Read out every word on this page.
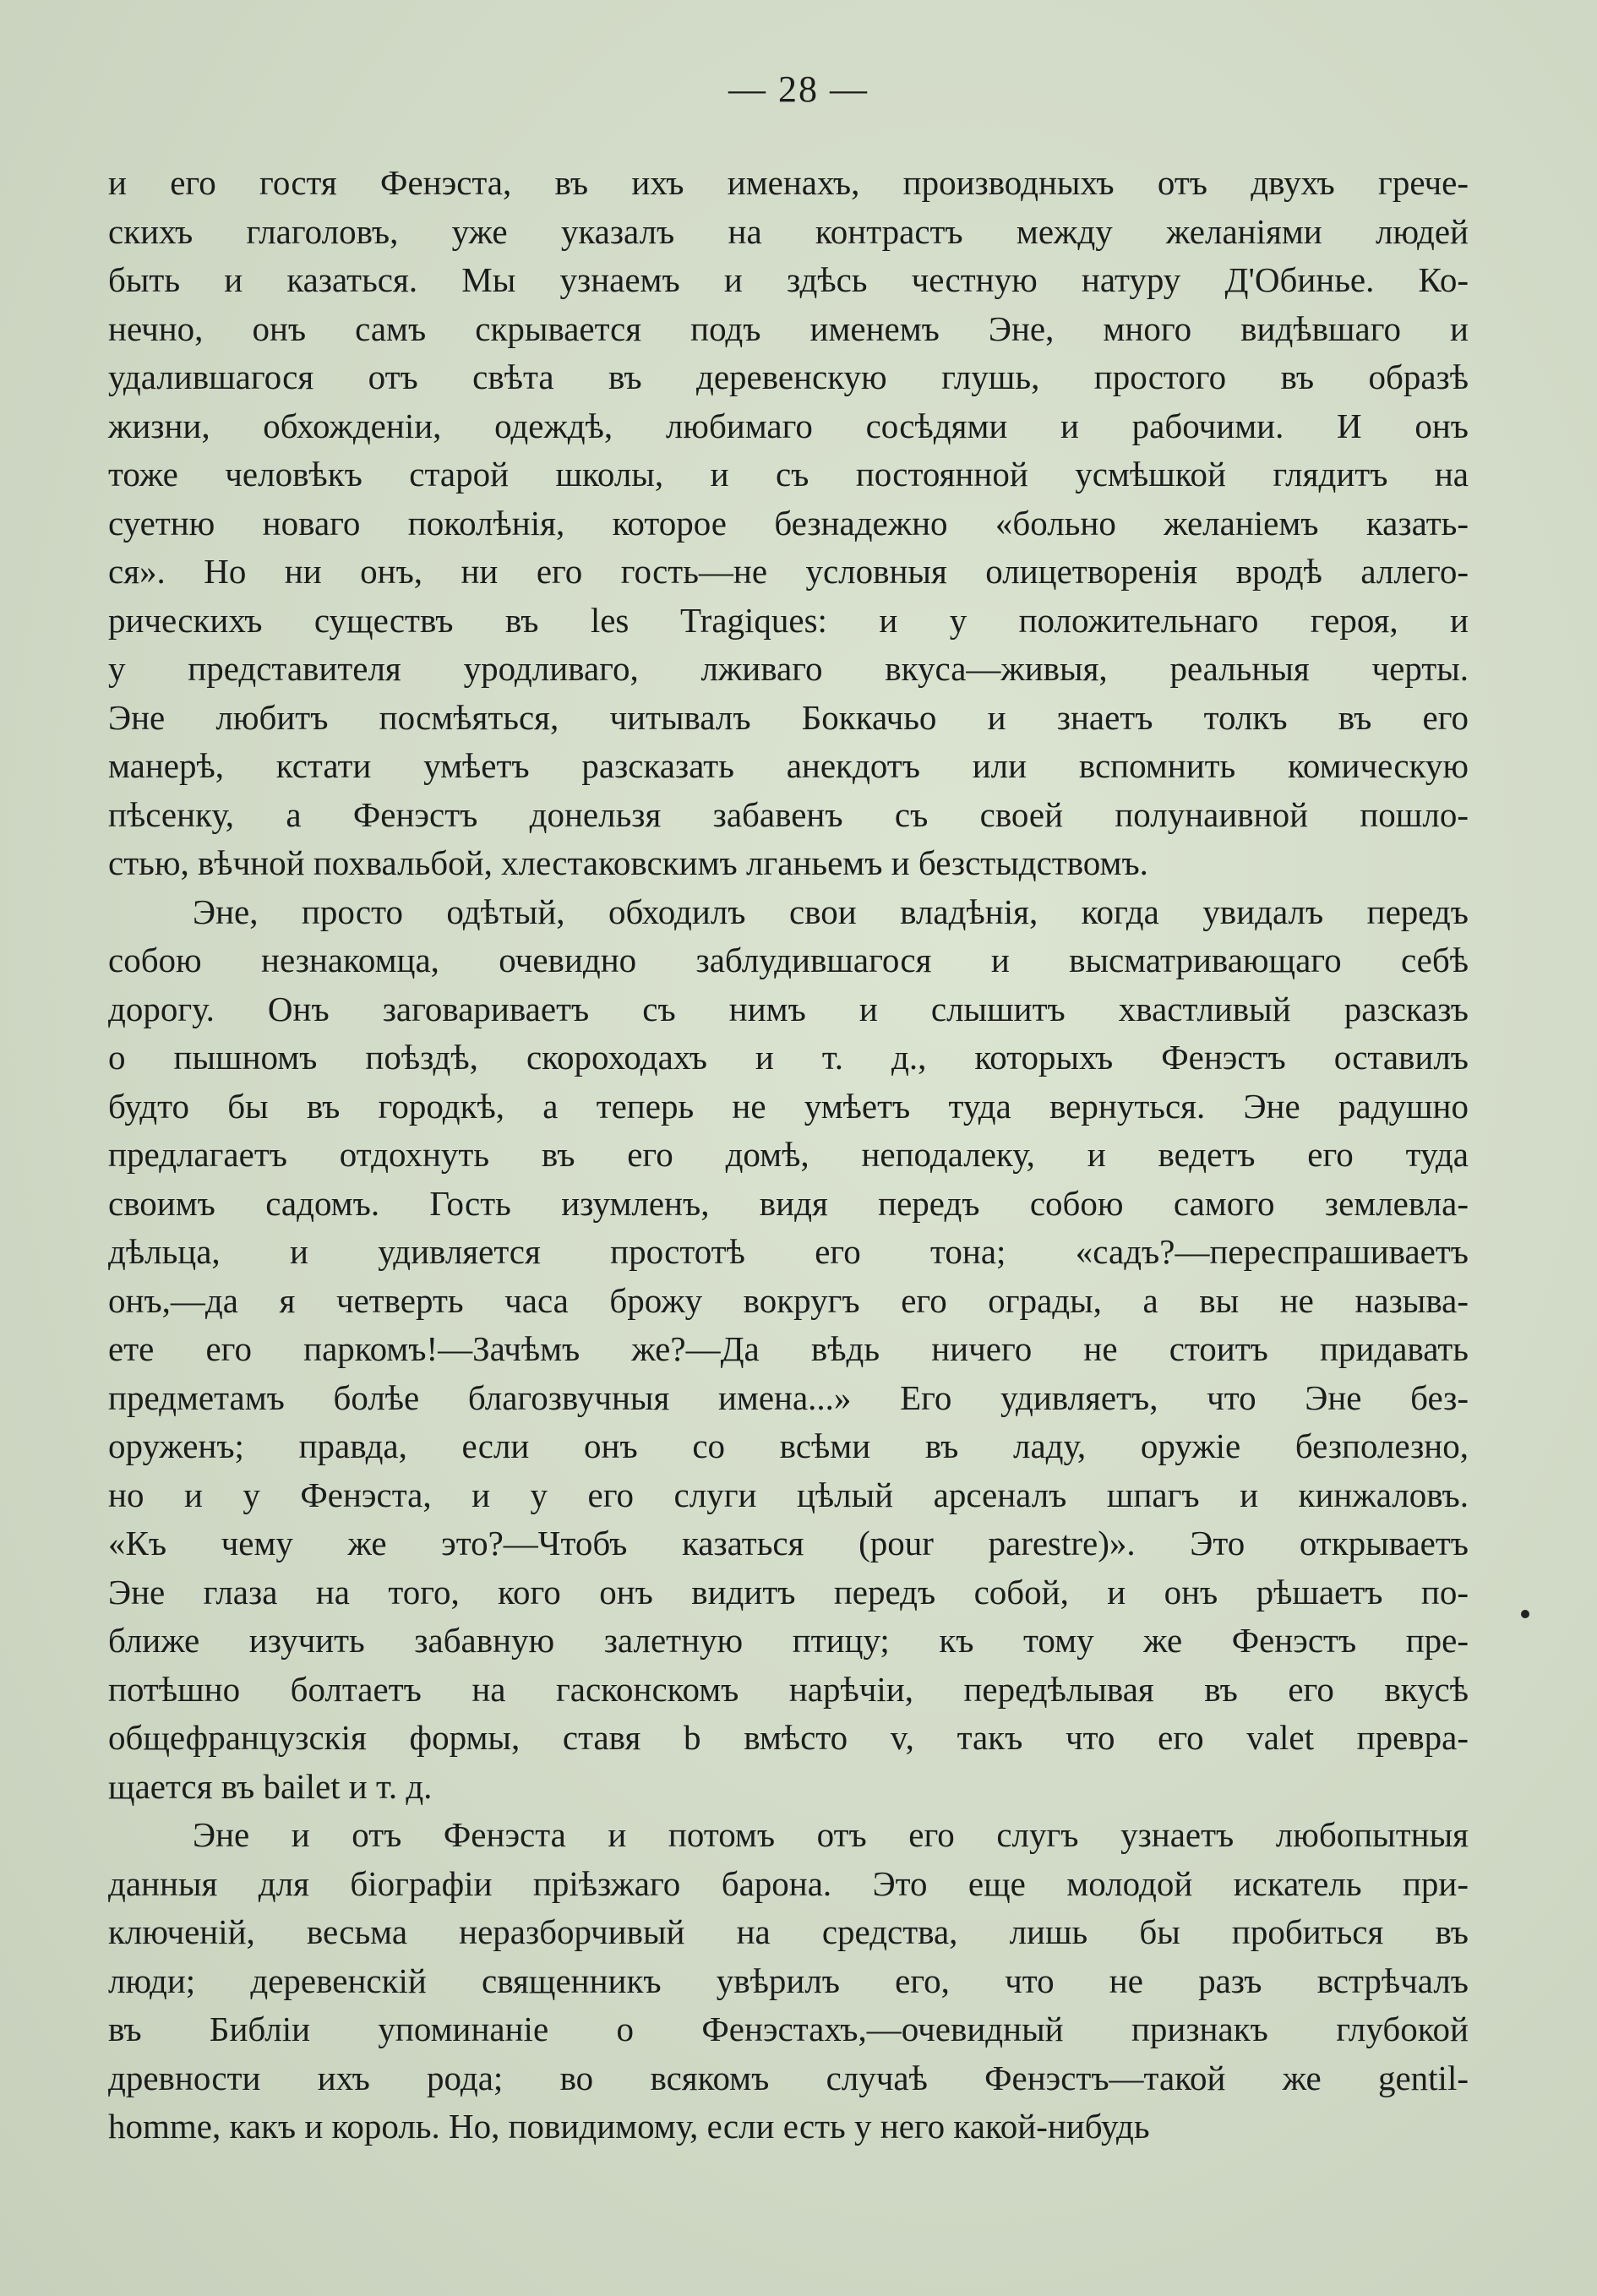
— 28 —
и его гостя Фенэста, въ ихъ именахъ, производныхъ отъ двухъ грече-
скихъ глаголовъ, уже указалъ на контрастъ между желанiями людей
быть и казаться. Мы узнаемъ и здѣсь честную натуру Д'Обинье. Ко-
нечно, онъ самъ скрывается подъ именемъ Эне, много видѣвшаго и
удалившагося отъ свѣта въ деревенскую глушь, простого въ образѣ
жизни, обхожденiи, одеждѣ, любимаго сосѣдями и рабочими. И онъ
тоже человѣкъ старой школы, и съ постоянной усмѣшкой глядитъ на
суетню новаго поколѣнiя, которое безнадежно «больно желанiемъ казать-
ся». Но ни онъ, ни его гость—не условныя олицетворенiя вродѣ аллего-
рическихъ существъ въ les Tragiques: и у положительнаго героя, и
у представителя уродливаго, лживаго вкуса—живыя, реальныя черты.
Эне любитъ посмѣяться, читывалъ Боккачьо и знаетъ толкъ въ его
манерѣ, кстати умѣетъ разсказать анекдотъ или вспомнить комическую
пѣсенку, а Фенэстъ донельзя забавенъ съ своей полунаивной пошло-
стью, вѣчной похвальбой, хлестаковскимъ лганьемъ и безстыдствомъ.
Эне, просто одѣтый, обходилъ свои владѣнiя, когда увидалъ передъ
собою незнакомца, очевидно заблудившагося и высматривающаго себѣ
дорогу. Онъ заговариваетъ съ нимъ и слышитъ хвастливый разсказъ
о пышномъ поѣздѣ, скороходахъ и т. д., которыхъ Фенэстъ оставилъ
будто бы въ городкѣ, а теперь не умѣетъ туда вернуться. Эне радушно
предлагаетъ отдохнуть въ его домѣ, неподалеку, и ведетъ его туда
своимъ садомъ. Гость изумленъ, видя передъ собою самого землевла-
дѣльца, и удивляется простотѣ его тона; «садъ?—переспрашиваетъ
онъ,—да я четверть часа брожу вокругъ его ограды, а вы не называ-
ете его паркомъ!—Зачѣмъ же?—Да вѣдь ничего не стоитъ придавать
предметамъ болѣе благозвучныя имена...» Его удивляетъ, что Эне без-
оруженъ; правда, если онъ со всѣми въ ладу, оружiе безполезно,
но и у Фенэста, и у его слуги цѣлый арсеналъ шпагъ и кинжаловъ.
«Къ чему же это?—Чтобъ казаться (pour parestre)». Это открываетъ
Эне глаза на того, кого онъ видитъ передъ собой, и онъ рѣшаетъ по-
ближе изучить забавную залетную птицу; къ тому же Фенэстъ пре-
потѣшно болтаетъ на гасконскомъ нарѣчiи, передѣлывая въ его вкусѣ
общефранцузскiя формы, ставя b вмѣсто v, такъ что его valet превра-
щается въ bailet и т. д.
Эне и отъ Фенэста и потомъ отъ его слугъ узнаетъ любопытныя
данныя для бiографiи прiѣзжаго барона. Это еще молодой искатель при-
ключенiй, весьма неразборчивый на средства, лишь бы пробиться въ
люди; деревенскiй священникъ увѣрилъ его, что не разъ встрѣчалъ
въ Библiи упоминанiе о Фенэстахъ,—очевидный признакъ глубокой
древности ихъ рода; во всякомъ случаѣ Фенэстъ—такой же gentil-
homme, какъ и король. Но, повидимому, если есть у него какой-нибудь
